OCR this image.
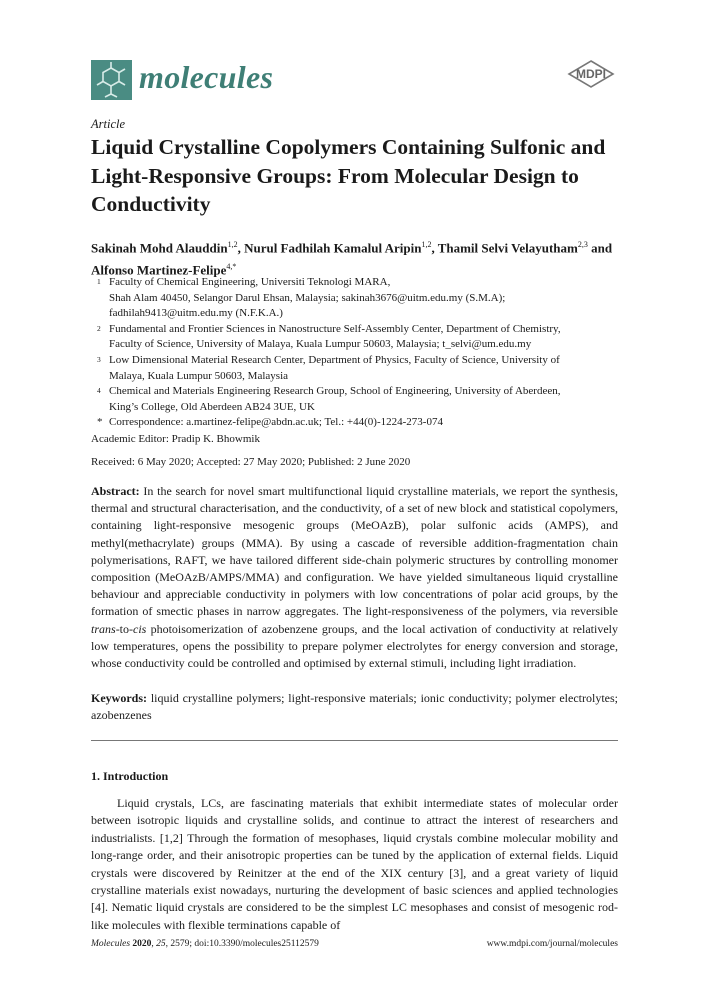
molecules	MDPI
Article
Liquid Crystalline Copolymers Containing Sulfonic and Light-Responsive Groups: From Molecular Design to Conductivity
Sakinah Mohd Alauddin$^{1,2}$, Nurul Fadhilah Kamalul Aripin$^{1,2}$, Thamil Selvi Velayutham$^{2,3}$ and Alfonso Martinez-Felipe$^{4,*}$
1 Faculty of Chemical Engineering, Universiti Teknologi MARA,
Shah Alam 40450, Selangor Darul Ehsan, Malaysia; sakinah3676@uitm.edu.my (S.M.A);
fadhilah9413@uitm.edu.my (N.F.K.A.)
2 Fundamental and Frontier Sciences in Nanostructure Self-Assembly Center, Department of Chemistry,
Faculty of Science, University of Malaya, Kuala Lumpur 50603, Malaysia; t_selvi@um.edu.my
3 Low Dimensional Material Research Center, Department of Physics, Faculty of Science, University of
Malaya, Kuala Lumpur 50603, Malaysia
4 Chemical and Materials Engineering Research Group, School of Engineering, University of Aberdeen,
King’s College, Old Aberdeen AB24 3UE, UK
* Correspondence: a.martinez-felipe@abdn.ac.uk; Tel.: +44(0)-1224-273-074
Academic Editor: Pradip K. Bhowmik
Received: 6 May 2020; Accepted: 27 May 2020; Published: 2 June 2020
Abstract: In the search for novel smart multifunctional liquid crystalline materials, we report the synthesis, thermal and structural characterisation, and the conductivity, of a set of new block and statistical copolymers, containing light-responsive mesogenic groups (MeOAzB), polar sulfonic acids (AMPS), and methyl(methacrylate) groups (MMA). By using a cascade of reversible addition-fragmentation chain polymerisations, RAFT, we have tailored different side-chain polymeric structures by controlling monomer composition (MeOAzB/AMPS/MMA) and configuration. We have yielded simultaneous liquid crystalline behaviour and appreciable conductivity in polymers with low concentrations of polar acid groups, by the formation of smectic phases in narrow aggregates. The light-responsiveness of the polymers, via reversible trans-to-cis photoisomerization of azobenzene groups, and the local activation of conductivity at relatively low temperatures, opens the possibility to prepare polymer electrolytes for energy conversion and storage, whose conductivity could be controlled and optimised by external stimuli, including light irradiation.
Keywords: liquid crystalline polymers; light-responsive materials; ionic conductivity; polymer electrolytes; azobenzenes
1. Introduction
Liquid crystals, LCs, are fascinating materials that exhibit intermediate states of molecular order between isotropic liquids and crystalline solids, and continue to attract the interest of researchers and industrialists. [1,2] Through the formation of mesophases, liquid crystals combine molecular mobility and long-range order, and their anisotropic properties can be tuned by the application of external fields. Liquid crystals were discovered by Reinitzer at the end of the XIX century [3], and a great variety of liquid crystalline materials exist nowadays, nurturing the development of basic sciences and applied technologies [4]. Nematic liquid crystals are considered to be the simplest LC mesophases and consist of mesogenic rod-like molecules with flexible terminations capable of
Molecules 2020, 25, 2579; doi:10.3390/molecules25112579	www.mdpi.com/journal/molecules
